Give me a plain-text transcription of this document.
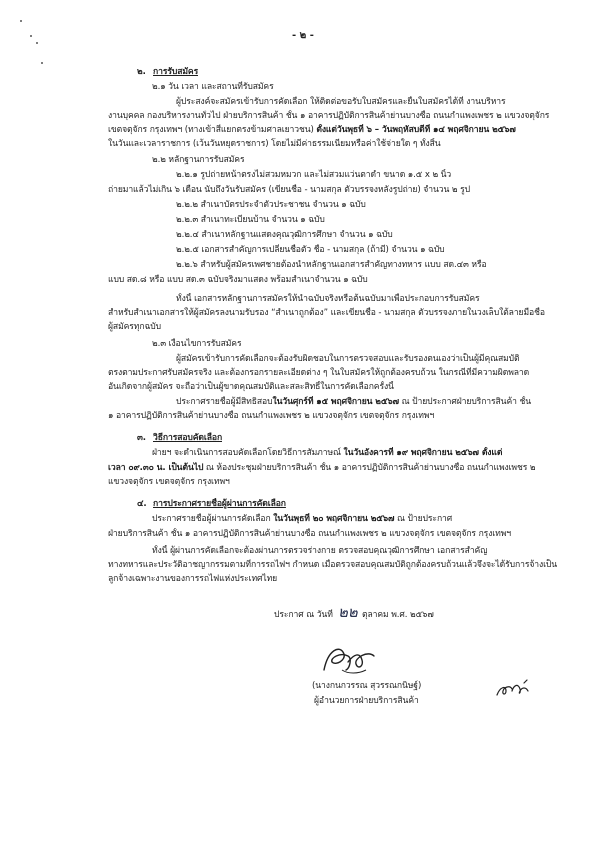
- ๒ -
๒. การรับสมัคร
๒.๑ วัน เวลา และสถานที่รับสมัคร
ผู้ประสงค์จะสมัครเข้ารับการคัดเลือก ให้ติดต่อขอรับใบสมัครและยื่นใบสมัครได้ที่ งานบริหาร
งานบุคคล กองบริหารงานทั่วไป ฝ่ายบริการสินค้า ชั้น ๑ อาคารปฏิบัติการสินค้าย่านบางซื่อ ถนนกำแพงเพชร ๒ แขวงจตุจักร
เขตจตุจักร กรุงเทพฯ (ทางเข้าสี่แยกตรงข้ามศาลเยาวชน) ตั้งแต่วันพุธที่ ๖ – วันพฤหัสบดีที่ ๑๔ พฤศจิกายน ๒๕๖๗
ในวันและเวลาราชการ (เว้นวันหยุดราชการ) โดยไม่มีค่าธรรมเนียมหรือค่าใช้จ่ายใด ๆ ทั้งสิ้น
๒.๒ หลักฐานการรับสมัคร
๒.๒.๑ รูปถ่ายหน้าตรงไม่สวมหมวก และไม่สวมแว่นตาดำ ขนาด ๑.๕ x ๒ นิ้ว
ถ่ายมาแล้วไม่เกิน ๖ เดือน นับถึงวันรับสมัคร (เขียนชื่อ - นามสกุล ตัวบรรจงหลังรูปถ่าย) จำนวน ๒ รูป
๒.๒.๒ สำเนาบัตรประจำตัวประชาชน จำนวน ๑ ฉบับ
๒.๒.๓ สำเนาทะเบียนบ้าน จำนวน ๑ ฉบับ
๒.๒.๔ สำเนาหลักฐานแสดงคุณวุฒิการศึกษา จำนวน ๑ ฉบับ
๒.๒.๕ เอกสารสำคัญการเปลี่ยนชื่อตัว ชื่อ - นามสกุล (ถ้ามี) จำนวน ๑ ฉบับ
๒.๒.๖ สำหรับผู้สมัครเพศชายต้องนำหลักฐานเอกสารสำคัญทางทหาร แบบ สด.๔๓ หรือ
แบบ สด.๘ หรือ แบบ สด.๓ ฉบับจริงมาแสดง พร้อมสำเนาจำนวน ๑ ฉบับ
ทั้งนี้ เอกสารหลักฐานการสมัครให้นำฉบับจริงหรือต้นฉบับมาเพื่อประกอบการรับสมัคร
สำหรับสำเนาเอกสารให้ผู้สมัครลงนามรับรอง “สำเนาถูกต้อง” และเขียนชื่อ - นามสกุล ตัวบรรจงภายในวงเล็บใต้ลายมือชื่อ
ผู้สมัครทุกฉบับ
๒.๓ เงื่อนไขการรับสมัคร
ผู้สมัครเข้ารับการคัดเลือกจะต้องรับผิดชอบในการตรวจสอบและรับรองตนเองว่าเป็นผู้มีคุณสมบัติ
ตรงตามประกาศรับสมัครจริง และต้องกรอกรายละเอียดต่าง ๆ ในใบสมัครให้ถูกต้องครบถ้วน ในกรณีที่มีความผิดพลาด
อันเกิดจากผู้สมัคร จะถือว่าเป็นผู้ขาดคุณสมบัติและสละสิทธิ์ในการคัดเลือกครั้งนี้
ประกาศรายชื่อผู้มีสิทธิสอบในวันศุกร์ที่ ๑๕ พฤศจิกายน ๒๕๖๗ ณ ป้ายประกาศฝ่ายบริการสินค้า ชั้น
๑ อาคารปฏิบัติการสินค้าย่านบางซื่อ ถนนกำแพงเพชร ๒ แขวงจตุจักร เขตจตุจักร กรุงเทพฯ
๓. วิธีการสอบคัดเลือก
ฝ่ายฯ จะดำเนินการสอบคัดเลือกโดยวิธีการสัมภาษณ์ ในวันอังคารที่ ๑๙ พฤศจิกายน ๒๕๖๗ ตั้งแต่
เวลา ๐๙.๓๐ น. เป็นต้นไป ณ ห้องประชุมฝ่ายบริการสินค้า ชั้น ๑ อาคารปฏิบัติการสินค้าย่านบางซื่อ ถนนกำแพงเพชร ๒
แขวงจตุจักร เขตจตุจักร กรุงเทพฯ
๔. การประกาศรายชื่อผู้ผ่านการคัดเลือก
ประกาศรายชื่อผู้ผ่านการคัดเลือก ในวันพุธที่ ๒๐ พฤศจิกายน ๒๕๖๗ ณ ป้ายประกาศ
ฝ่ายบริการสินค้า ชั้น ๑ อาคารปฏิบัติการสินค้าย่านบางซื่อ ถนนกำแพงเพชร ๒ แขวงจตุจักร เขตจตุจักร กรุงเทพฯ
ทั้งนี้ ผู้ผ่านการคัดเลือกจะต้องผ่านการตรวจร่างกาย ตรวจสอบคุณวุฒิการศึกษา เอกสารสำคัญ
ทางทหารและประวัติอาชญากรรมตามที่การรถไฟฯ กำหนด เมื่อตรวจสอบคุณสมบัติถูกต้องครบถ้วนแล้วจึงจะได้รับการจ้างเป็น
ลูกจ้างเฉพาะงานของการรถไฟแห่งประเทศไทย
ประกาศ ณ วันที่ ๒๒ ตุลาคม พ.ศ. ๒๕๖๗
(นางกนกวรรณ สุวรรณกนิษฐ์)
ผู้อำนวยการฝ่ายบริการสินค้า
